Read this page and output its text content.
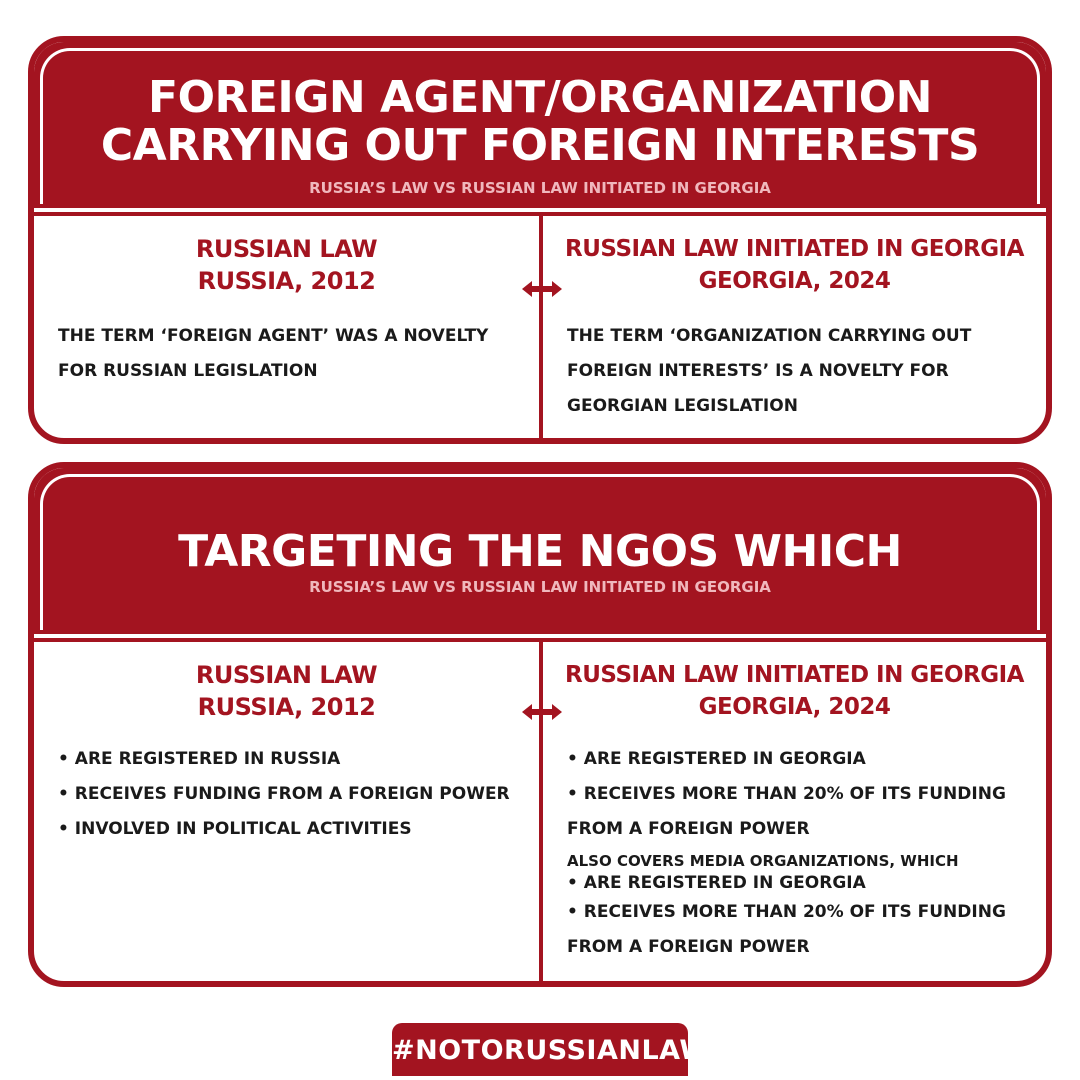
FOREIGN AGENT/ORGANIZATION
CARRYING OUT FOREIGN INTERESTS
RUSSIA’S LAW VS RUSSIAN LAW INITIATED IN GEORGIA
RUSSIAN LAW
RUSSIA, 2012
THE TERM ‘FOREIGN AGENT’ WAS A NOVELTY FOR RUSSIAN LEGISLATION
RUSSIAN LAW INITIATED IN GEORGIA
GEORGIA, 2024
THE TERM ‘ORGANIZATION CARRYING OUT FOREIGN INTERESTS’ IS A NOVELTY FOR GEORGIAN LEGISLATION
TARGETING THE NGOS WHICH
RUSSIA’S LAW VS RUSSIAN LAW INITIATED IN GEORGIA
RUSSIAN LAW
RUSSIA, 2012
• ARE REGISTERED IN RUSSIA
• RECEIVES FUNDING FROM A FOREIGN POWER
• INVOLVED IN POLITICAL ACTIVITIES
RUSSIAN LAW INITIATED IN GEORGIA
GEORGIA, 2024
• ARE REGISTERED IN GEORGIA
• RECEIVES MORE THAN 20% OF ITS FUNDING FROM A FOREIGN POWER
ALSO COVERS MEDIA ORGANIZATIONS, WHICH
• ARE REGISTERED IN GEORGIA
• RECEIVES MORE THAN 20% OF ITS FUNDING FROM A FOREIGN POWER
#NOTORUSSIANLAW
